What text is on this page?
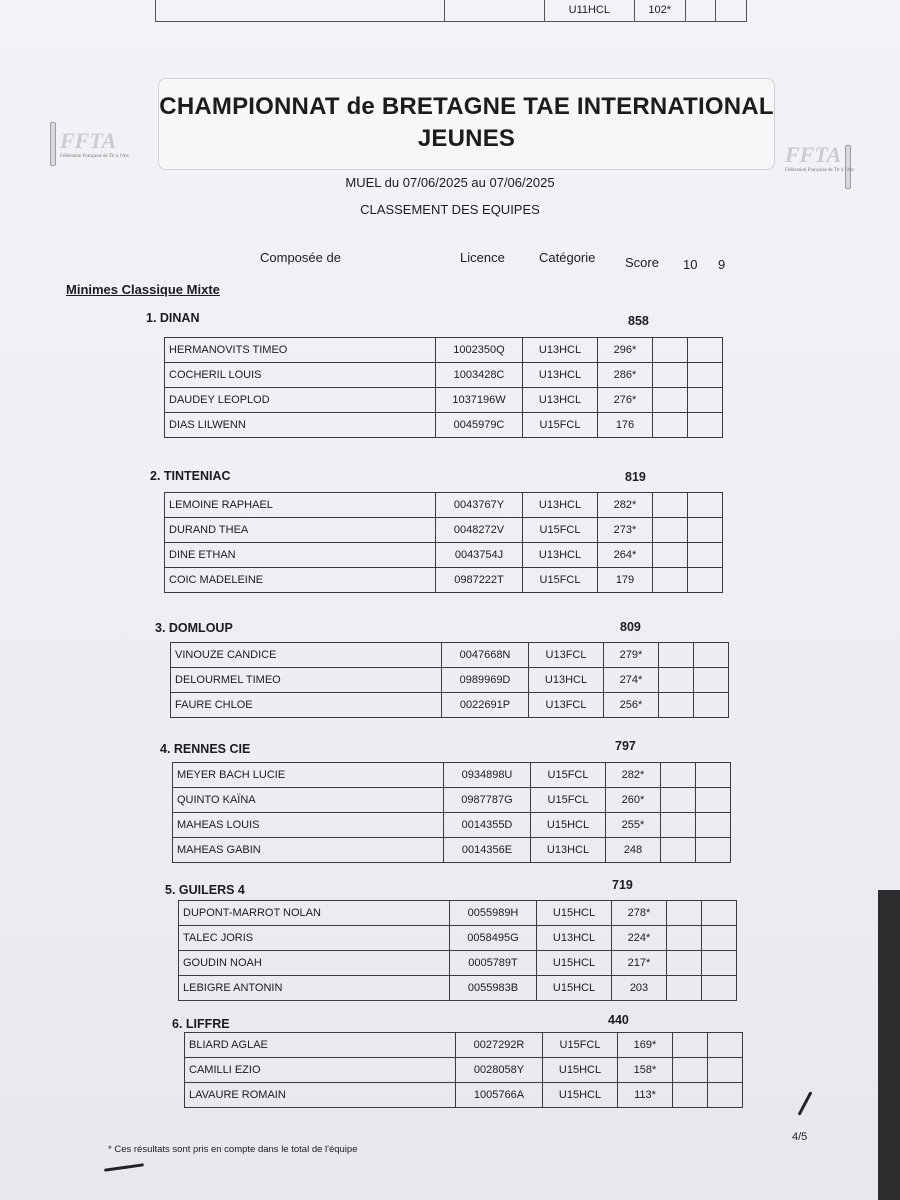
U11HCL	102*
FFTA
Fédération Française de Tir à l'Arc	FFTA
Fédération Française de Tir à l'Arc
CHAMPIONNAT de BRETAGNE TAE INTERNATIONAL
JEUNES
MUEL du 07/06/2025 au 07/06/2025
CLASSEMENT DES EQUIPES
Composée de	Licence	Catégorie Score 10 9
Minimes Classique Mixte
1. DINAN	858
HERMANOVITS TIMEO	1002350Q	U13HCL	296*		
COCHERIL LOUIS	1003428C	U13HCL	286*		
DAUDEY LEOPLOD	1037196W	U13HCL	276*		
DIAS LILWENN	0045979C	U15FCL	176		
2. TINTENIAC	819
LEMOINE RAPHAEL	0043767Y	U13HCL	282*		
DURAND THEA	0048272V	U15FCL	273*		
DINE ETHAN	0043754J	U13HCL	264*		
COIC MADELEINE	0987222T	U15FCL	179		
3. DOMLOUP	809
VINOUZE CANDICE	0047668N	U13FCL	279*		
DELOURMEL TIMEO	0989969D	U13HCL	274*		
FAURE CHLOE	0022691P	U13FCL	256*		
4. RENNES CIE	797
MEYER BACH LUCIE	0934898U	U15FCL	282*		
QUINTO KAÏNA	0987787G	U15FCL	260*		
MAHEAS LOUIS	0014355D	U15HCL	255*		
MAHEAS GABIN	0014356E	U13HCL	248		
5. GUILERS 4	719
DUPONT-MARROT NOLAN	0055989H	U15HCL	278*		
TALEC JORIS	0058495G	U13HCL	224*		
GOUDIN NOAH	0005789T	U15HCL	217*		
LEBIGRE ANTONIN	0055983B	U15HCL	203		
6. LIFFRE	440
BLIARD AGLAE	0027292R	U15FCL	169*		
CAMILLI EZIO	0028058Y	U15HCL	158*		
LAVAURE ROMAIN	1005766A	U15HCL	113*		
* Ces résultats sont pris en compte dans le total de l'équipe
4/5
